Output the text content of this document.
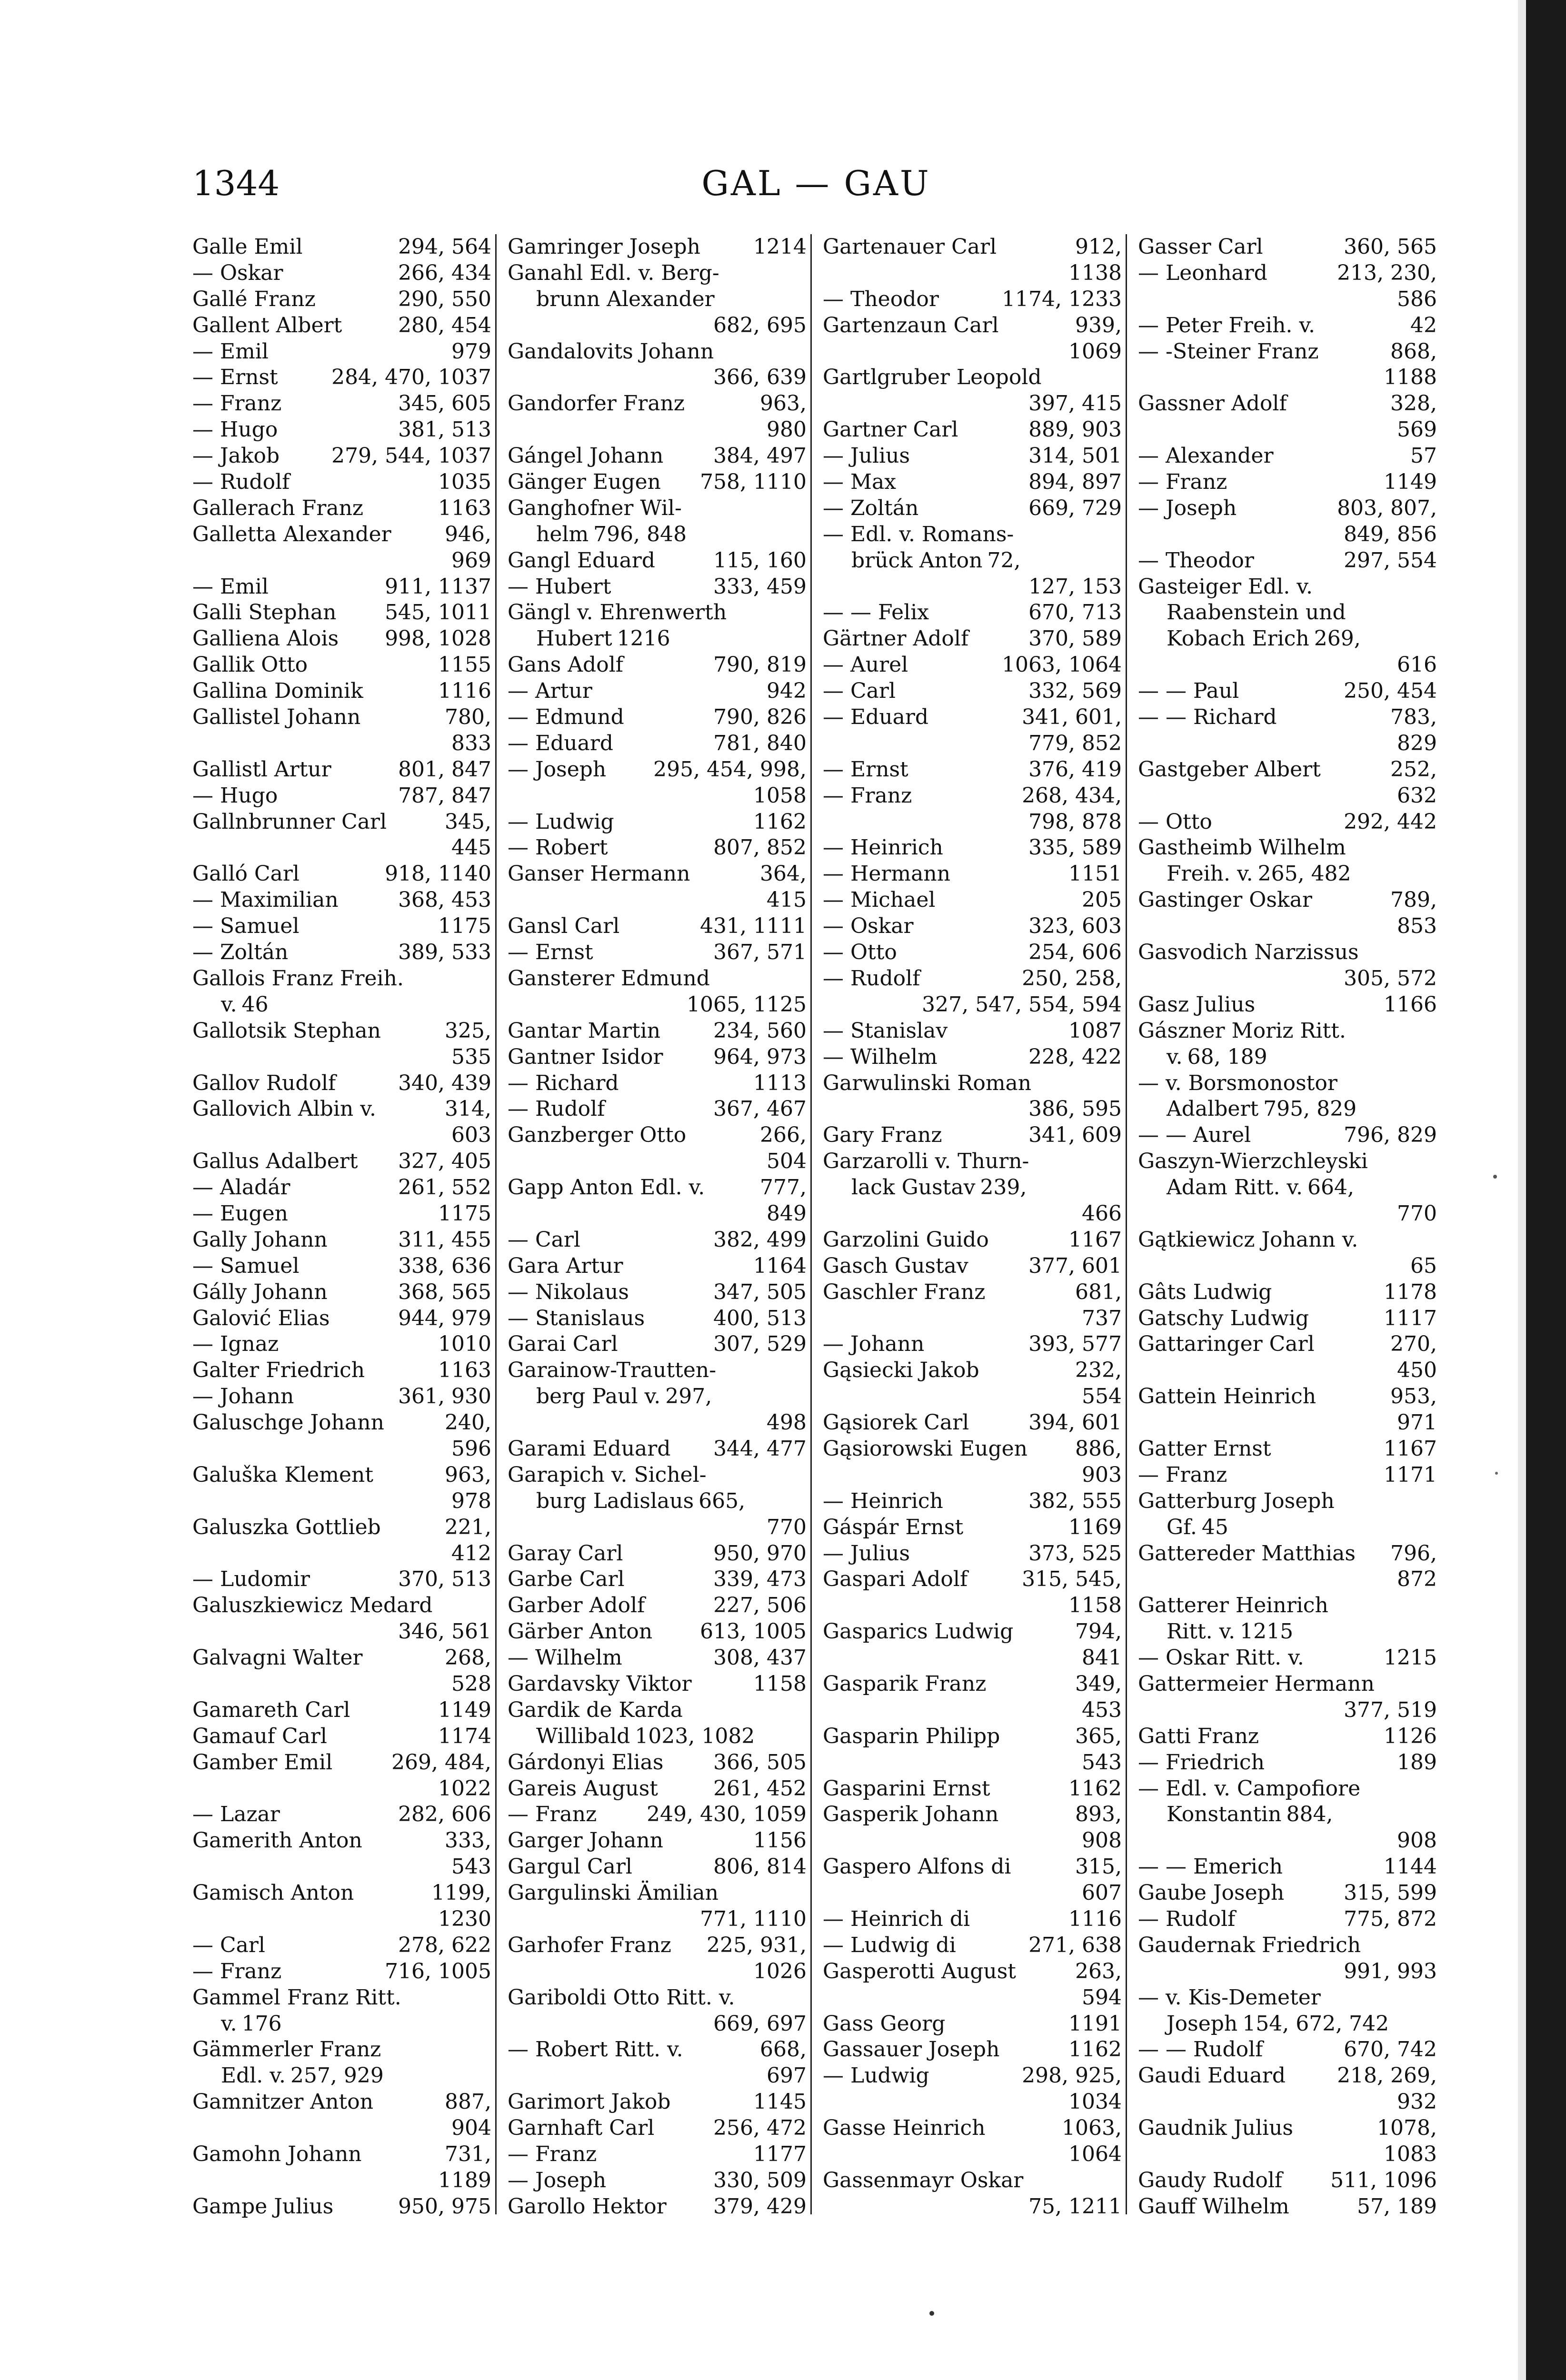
1344	GAL — GAU
Galle Emil	294, 564
— Oskar	266, 434
Gallé Franz	290, 550
Gallent Albert	280, 454
— Emil	979
— Ernst	284, 470, 1037
— Franz	345, 605
— Hugo	381, 513
— Jakob 279, 544, 1037
— Rudolf	1035
Gallerach Franz	1163
Galletta Alexander	946,
969
— Emil	911, 1137
Galli Stephan 545, 1011
Galliena Alois 998, 1028
Gallik Otto	1155
Gallina Dominik	1116
Gallistel Johann	780,
833
Gallistl Artur	801, 847
— Hugo	787, 847
Gallnbrunner Carl	345,
445
Galló Carl	918, 1140
— Maximilian	368, 453
— Samuel	1175
— Zoltán	389, 533
Gallois Franz Freih.
v. 46
Gallotsik Stephan	325,
535
Gallov Rudolf	340, 439
Gallovich Albin v.	314,
603
Gallus Adalbert 327, 405
— Aladár	261, 552
— Eugen	1175
Gally Johann	311, 455
— Samuel	338, 636
Gálly Johann	368, 565
Galović Elias	944, 979
— Ignaz	1010
Galter Friedrich	1163
— Johann	361, 930
Galuschge Johann	240,
596
Galuška Klement	963,
978
Galuszka Gottlieb	221,
412
— Ludomir	370, 513
Galuszkiewicz Medard
346, 561
Galvagni Walter	268,
528
Gamareth Carl	1149
Gamauf Carl	1174
Gamber Emil	269, 484,
1022
— Lazar	282, 606
Gamerith Anton	333,
543
Gamisch Anton	1199,
1230
— Carl	278, 622
— Franz	716, 1005
Gammel Franz Ritt.
v. 176
Gämmerler Franz
Edl. v. 257, 929
Gamnitzer Anton	887,
904
Gamohn Johann	731,
1189
Gampe Julius	950, 975
Gamringer Joseph	1214
Ganahl Edl. v. Berg-
brunn Alexander
682, 695
Gandalovits Johann
366, 639
Gandorfer Franz	963,
980
Gángel Johann 384, 497
Gänger Eugen 758, 1110
Ganghofner Wil-
helm 796, 848
Gangl Eduard	115, 160
— Hubert	333, 459
Gängl v. Ehrenwerth
Hubert 1216
Gans Adolf	790, 819
— Artur	942
— Edmund	790, 826
— Eduard	781, 840
— Joseph 295, 454, 998,
1058
— Ludwig	1162
— Robert	807, 852
Ganser Hermann	364,
415
Gansl Carl	431, 1111
— Ernst	367, 571
Gansterer Edmund
1065, 1125
Gantar Martin	234, 560
Gantner Isidor 964, 973
— Richard	1113
— Rudolf	367, 467
Ganzberger Otto	266,
504
Gapp Anton Edl. v.	777,
849
— Carl	382, 499
Gara Artur	1164
— Nikolaus	347, 505
— Stanislaus	400, 513
Garai Carl	307, 529
Garainow-Trautten-
berg Paul v. 297,
498
Garami Eduard 344, 477
Garapich v. Sichel-
burg Ladislaus 665,
770
Garay Carl	950, 970
Garbe Carl	339, 473
Garber Adolf	227, 506
Gärber Anton 613, 1005
— Wilhelm	308, 437
Gardavsky Viktor	1158
Gardik de Karda
Willibald 1023, 1082
Gárdonyi Elias 366, 505
Gareis August	261, 452
— Franz 249, 430, 1059
Garger Johann	1156
Gargul Carl	806, 814
Gargulinski Ämilian
771, 1110
Garhofer Franz 225, 931,
1026
Gariboldi Otto Ritt. v.
669, 697
— Robert Ritt. v.	668,
697
Garimort Jakob	1145
Garnhaft Carl	256, 472
— Franz	1177
— Joseph	330, 509
Garollo Hektor 379, 429
Gartenauer Carl	912,
1138
— Theodor	1174, 1233
Gartenzaun Carl	939,
1069
Gartlgruber Leopold
397, 415
Gartner Carl	889, 903
— Julius	314, 501
— Max	894, 897
— Zoltán	669, 729
— Edl. v. Romans-
brück Anton 72,
127, 153
— — Felix	670, 713
Gärtner Adolf	370, 589
— Aurel	1063, 1064
— Carl	332, 569
— Eduard	341, 601,
779, 852
— Ernst	376, 419
— Franz	268, 434,
798, 878
— Heinrich	335, 589
— Hermann	1151
— Michael	205
— Oskar	323, 603
— Otto	254, 606
— Rudolf	250, 258,
327, 547, 554, 594
— Stanislav	1087
— Wilhelm	228, 422
Garwulinski Roman
386, 595
Gary Franz	341, 609
Garzarolli v. Thurn-
lack Gustav 239,
466
Garzolini Guido	1167
Gasch Gustav	377, 601
Gaschler Franz	681,
737
— Johann	393, 577
Gąsiecki Jakob	232,
554
Gąsiorek Carl	394, 601
Gąsiorowski Eugen 886,
903
— Heinrich	382, 555
Gáspár Ernst	1169
— Julius	373, 525
Gaspari Adolf	315, 545,
1158
Gasparics Ludwig	794,
841
Gasparik Franz	349,
453
Gasparin Philipp	365,
543
Gasparini Ernst	1162
Gasperik Johann	893,
908
Gaspero Alfons di	315,
607
— Heinrich di	1116
— Ludwig di	271, 638
Gasperotti August	263,
594
Gass Georg	1191
Gassauer Joseph	1162
— Ludwig	298, 925,
1034
Gasse Heinrich	1063,
1064
Gassenmayr Oskar
75, 1211
Gasser Carl	360, 565
— Leonhard	213, 230,
586
— Peter Freih. v.	42
— -Steiner Franz	868,
1188
Gassner Adolf	328,
569
— Alexander	57
— Franz	1149
— Joseph	803, 807,
849, 856
— Theodor	297, 554
Gasteiger Edl. v.
Raabenstein und
Kobach Erich 269,
616
— — Paul	250, 454
— — Richard	783,
829
Gastgeber Albert	252,
632
— Otto	292, 442
Gastheimb Wilhelm
Freih. v. 265, 482
Gastinger Oskar	789,
853
Gasvodich Narzissus
305, 572
Gasz Julius	1166
Gászner Moriz Ritt.
v. 68, 189
— v. Borsmonostor
Adalbert 795, 829
— — Aurel	796, 829
Gaszyn-Wierzchleyski
Adam Ritt. v. 664,
770
Gątkiewicz Johann v.
65
Gâts Ludwig	1178
Gatschy Ludwig	1117
Gattaringer Carl	270,
450
Gattein Heinrich	953,
971
Gatter Ernst	1167
— Franz	1171
Gatterburg Joseph
Gf. 45
Gattereder Matthias 796,
872
Gatterer Heinrich
Ritt. v. 1215
— Oskar Ritt. v.	1215
Gattermeier Hermann
377, 519
Gatti Franz	1126
— Friedrich	189
— Edl. v. Campofiore
Konstantin 884,
908
— — Emerich	1144
Gaube Joseph	315, 599
— Rudolf	775, 872
Gaudernak Friedrich
991, 993
— v. Kis-Demeter
Joseph 154, 672, 742
— — Rudolf	670, 742
Gaudi Eduard 218, 269,
932
Gaudnik Julius	1078,
1083
Gaudy Rudolf 511, 1096
Gauff Wilhelm	57, 189
